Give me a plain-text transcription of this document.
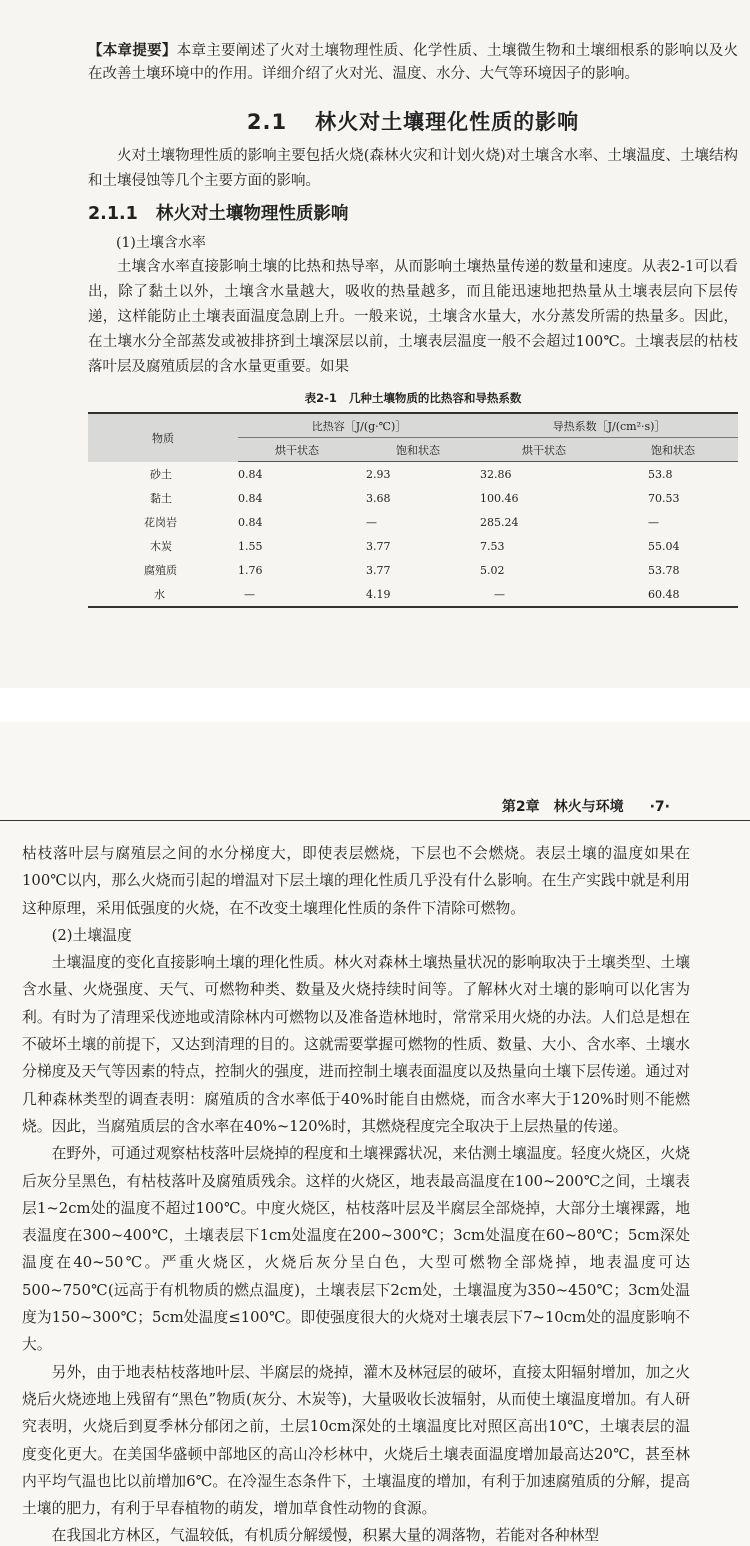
【本章提要】本章主要阐述了火对土壤物理性质、化学性质、土壤微生物和土壤细根系的影响以及火在改善土壤环境中的作用。详细介绍了火对光、温度、水分、大气等环境因子的影响。

2.1 林火对土壤理化性质的影响

火对土壤物理性质的影响主要包括火烧(森林火灾和计划火烧)对土壤含水率、土壤温度、土壤结构和土壤侵蚀等几个主要方面的影响。

2.1.1 林火对土壤物理性质影响

(1)土壤含水率

土壤含水率直接影响土壤的比热和热导率，从而影响土壤热量传递的数量和速度。从表2-1可以看出，除了黏土以外，土壤含水量越大，吸收的热量越多，而且能迅速地把热量从土壤表层向下层传递，这样能防止土壤表面温度急剧上升。一般来说，土壤含水量大，水分蒸发所需的热量多。因此，在土壤水分全部蒸发或被排挤到土壤深层以前，土壤表层温度一般不会超过100℃。土壤表层的枯枝落叶层及腐殖质层的含水量更重要。如果

表2-1 几种土壤物质的比热容和导热系数
物质	比热容［J/(g·℃)］		导热系数［J/(cm²·s)］	
	烘干状态	饱和状态	烘干状态	饱和状态
砂土	0.84	2.93	32.86	53.8
黏土	0.84	3.68	100.46	70.53
花岗岩	0.84	—	285.24	—
木炭	1.55	3.77	7.53	55.04
腐殖质	1.76	3.77	5.02	53.78
水	—	4.19	—	60.48
第2章　林火与环境 ·7·

枯枝落叶层与腐殖层之间的水分梯度大，即使表层燃烧，下层也不会燃烧。表层土壤的温度如果在100℃以内，那么火烧而引起的增温对下层土壤的理化性质几乎没有什么影响。在生产实践中就是利用这种原理，采用低强度的火烧，在不改变土壤理化性质的条件下清除可燃物。

(2)土壤温度

土壤温度的变化直接影响土壤的理化性质。林火对森林土壤热量状况的影响取决于土壤类型、土壤含水量、火烧强度、天气、可燃物种类、数量及火烧持续时间等。了解林火对土壤的影响可以化害为利。有时为了清理采伐迹地或清除林内可燃物以及准备造林地时，常常采用火烧的办法。人们总是想在不破坏土壤的前提下，又达到清理的目的。这就需要掌握可燃物的性质、数量、大小、含水率、土壤水分梯度及天气等因素的特点，控制火的强度，进而控制土壤表面温度以及热量向土壤下层传递。通过对几种森林类型的调查表明：腐殖质的含水率低于40%时能自由燃烧，而含水率大于120%时则不能燃烧。因此，当腐殖质层的含水率在40%~120%时，其燃烧程度完全取决于上层热量的传递。

在野外，可通过观察枯枝落叶层烧掉的程度和土壤裸露状况，来估测土壤温度。轻度火烧区，火烧后灰分呈黑色，有枯枝落叶及腐殖质残余。这样的火烧区，地表最高温度在100~200℃之间，土壤表层1~2cm处的温度不超过100℃。中度火烧区，枯枝落叶层及半腐层全部烧掉，大部分土壤裸露，地表温度在300~400℃，土壤表层下1cm处温度在200~300℃；3cm处温度在60~80℃；5cm深处温度在40~50℃。严重火烧区，火烧后灰分呈白色，大型可燃物全部烧掉，地表温度可达500~750℃(远高于有机物质的燃点温度)，土壤表层下2cm处，土壤温度为350~450℃；3cm处温度为150~300℃；5cm处温度≤100℃。即使强度很大的火烧对土壤表层下7~10cm处的温度影响不大。

另外，由于地表枯枝落地叶层、半腐层的烧掉，灌木及林冠层的破坏，直接太阳辐射增加，加之火烧后火烧迹地上残留有“黑色”物质(灰分、木炭等)，大量吸收长波辐射，从而使土壤温度增加。有人研究表明，火烧后到夏季林分郁闭之前，土层10cm深处的土壤温度比对照区高出10℃，土壤表层的温度变化更大。在美国华盛顿中部地区的高山冷杉林中，火烧后土壤表面温度增加最高达20℃，甚至林内平均气温也比以前增加6℃。在冷湿生态条件下，土壤温度的增加，有利于加速腐殖质的分解，提高土壤的肥力，有利于早春植物的萌发，增加草食性动物的食源。

在我国北方林区，气温较低，有机质分解缓慢，积累大量的凋落物，若能对各种林型
